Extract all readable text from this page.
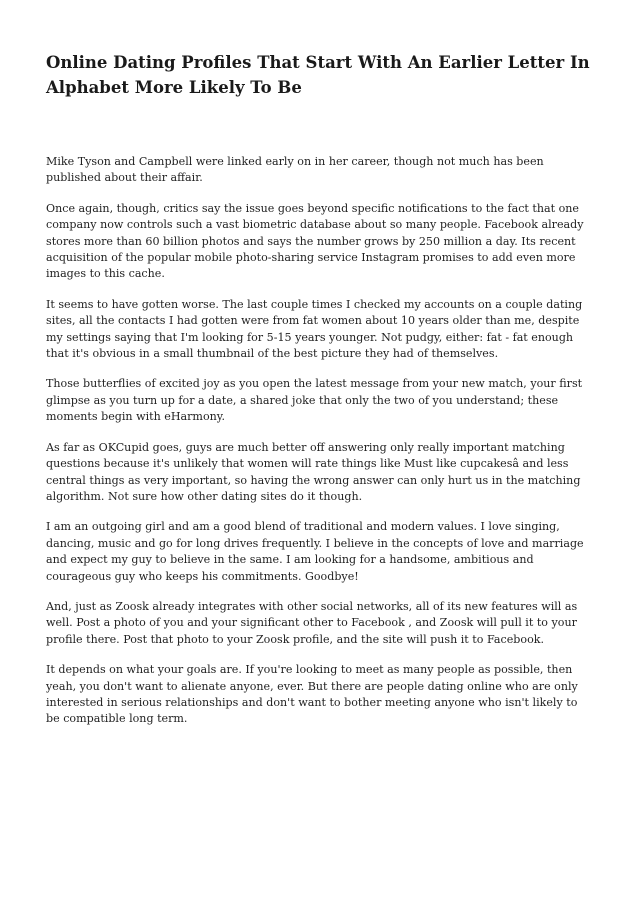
Online Dating Profiles That Start With An Earlier Letter In Alphabet More Likely To Be

Mike Tyson and Campbell were linked early on in her career, though not much has been published about their affair.

Once again, though, critics say the issue goes beyond specific notifications to the fact that one company now controls such a vast biometric database about so many people. Facebook already stores more than 60 billion photos and says the number grows by 250 million a day. Its recent acquisition of the popular mobile photo-sharing service Instagram promises to add even more images to this cache.

It seems to have gotten worse. The last couple times I checked my accounts on a couple dating sites, all the contacts I had gotten were from fat women about 10 years older than me, despite my settings saying that I'm looking for 5-15 years younger. Not pudgy, either: fat - fat enough that it's obvious in a small thumbnail of the best picture they had of themselves.

Those butterflies of excited joy as you open the latest message from your new match, your first glimpse as you turn up for a date, a shared joke that only the two of you understand; these moments begin with eHarmony.

As far as OKCupid goes, guys are much better off answering only really important matching questions because it's unlikely that women will rate things like Must like cupcakesâ and less central things as very important, so having the wrong answer can only hurt us in the matching algorithm. Not sure how other dating sites do it though.

I am an outgoing girl and am a good blend of traditional and modern values. I love singing, dancing, music and go for long drives frequently. I believe in the concepts of love and marriage and expect my guy to believe in the same. I am looking for a handsome, ambitious and courageous guy who keeps his commitments. Goodbye!

And, just as Zoosk already integrates with other social networks, all of its new features will as well. Post a photo of you and your significant other to Facebook , and Zoosk will pull it to your profile there. Post that photo to your Zoosk profile, and the site will push it to Facebook.

It depends on what your goals are. If you're looking to meet as many people as possible, then yeah, you don't want to alienate anyone, ever. But there are people dating online who are only interested in serious relationships and don't want to bother meeting anyone who isn't likely to be compatible long term.
